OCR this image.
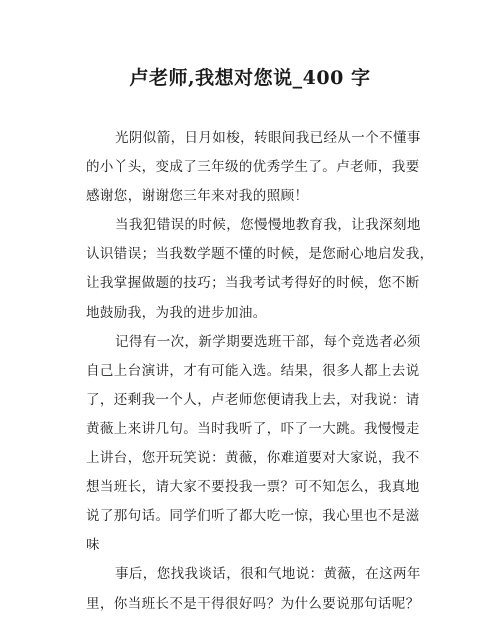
卢老师,我想对您说_400 字
光阴似箭，日月如梭，转眼间我已经从一个不懂事
的小丫头，变成了三年级的优秀学生了。卢老师，我要
感谢您，谢谢您三年来对我的照顾！
当我犯错误的时候，您慢慢地教育我，让我深刻地
认识错误；当我数学题不懂的时候，是您耐心地启发我，
让我掌握做题的技巧；当我考试考得好的时候，您不断
地鼓励我，为我的进步加油。
记得有一次，新学期要选班干部，每个竞选者必须
自己上台演讲，才有可能入选。结果，很多人都上去说
了，还剩我一个人，卢老师您便请我上去，对我说：请
黄薇上来讲几句。当时我听了，吓了一大跳。我慢慢走
上讲台，您开玩笑说：黄薇，你难道要对大家说，我不
想当班长，请大家不要投我一票？可不知怎么，我真地
说了那句话。同学们听了都大吃一惊，我心里也不是滋
味
事后，您找我谈话，很和气地说：黄薇，在这两年
里，你当班长不是干得很好吗？为什么要说那句话呢？
